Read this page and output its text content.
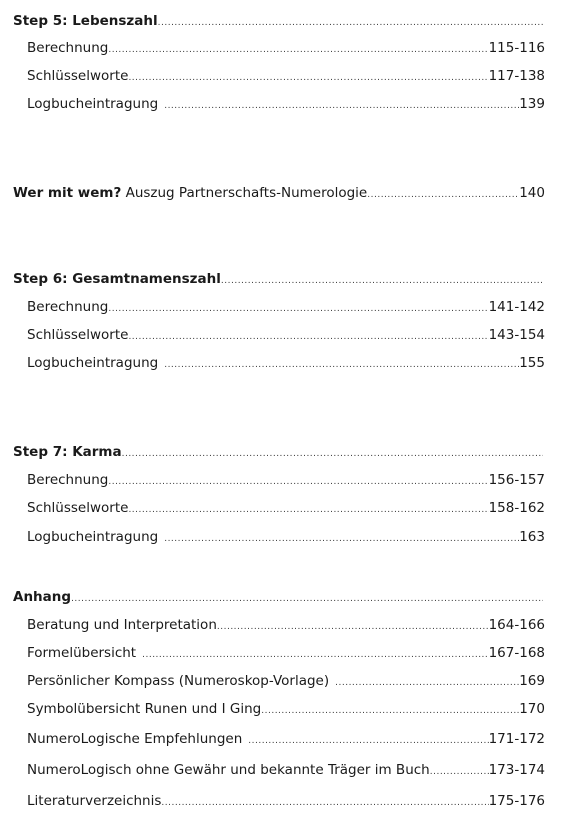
Step 5: Lebenszahl
.....
Berechnung .....	115-116
Schlüsselworte .....	117-138
Logbucheintragung .....	139
Wer mit wem? Auszug Partnerschafts-Numerologie .....	140
Step 6: Gesamtnamenszahl
.....
Berechnung .....	141-142
Schlüsselworte .....	143-154
Logbucheintragung .....	155
Step 7: Karma
.....
Berechnung .....	156-157
Schlüsselworte .....	158-162
Logbucheintragung .....	163
Anhang
.....
Beratung und Interpretation .....	164-166
Formelübersicht .....	167-168
Persönlicher Kompass (Numeroskop-Vorlage) .....	169
Symbolübersicht Runen und I Ging .....	170
NumeroLogische Empfehlungen .....	171-172
NumeroLogisch ohne Gewähr und bekannte Träger im Buch .....	173-174
Literaturverzeichnis .....	175-176
